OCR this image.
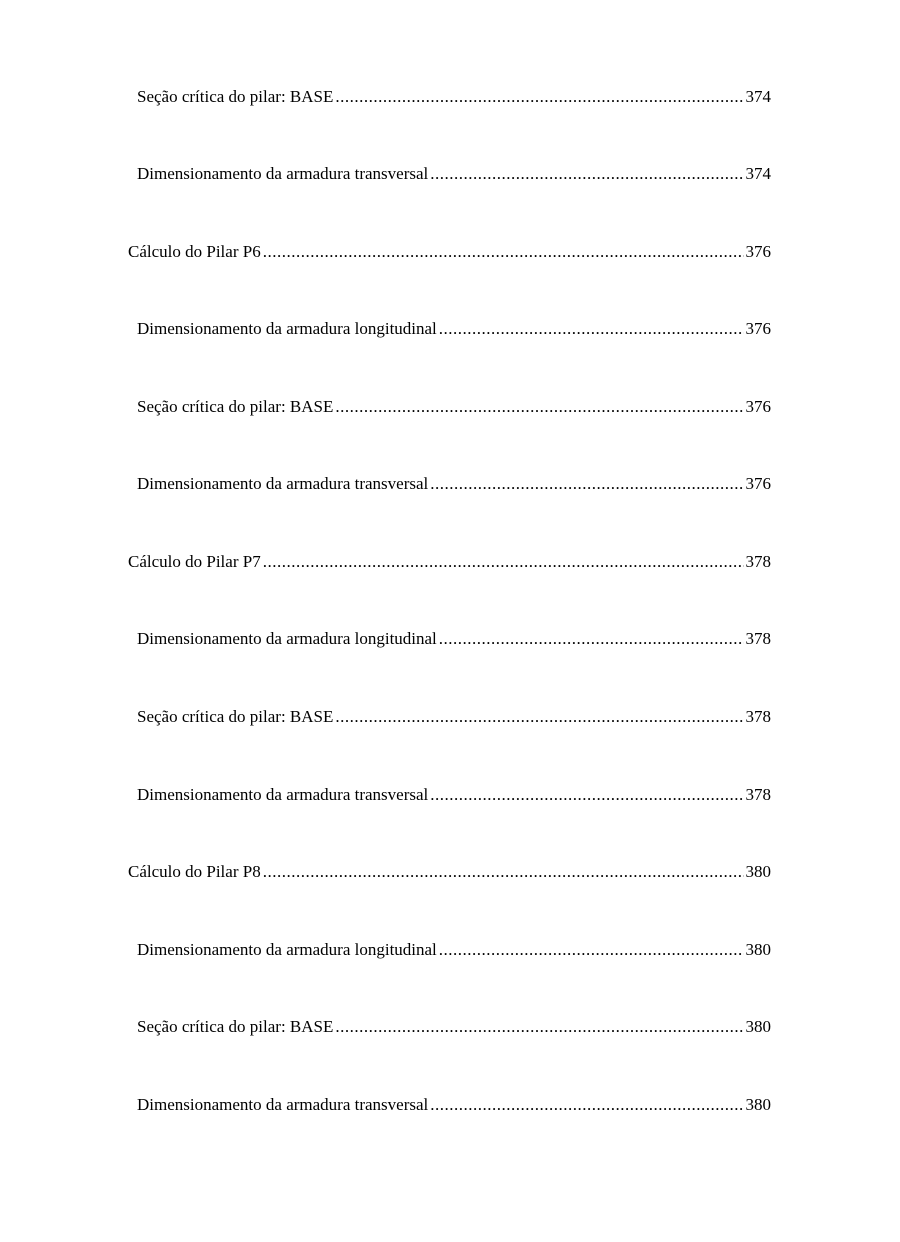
Seção crítica do pilar: BASE .....	374
Dimensionamento da armadura transversal .....	374
Cálculo do Pilar P6 .....	376
Dimensionamento da armadura longitudinal .....	376
Seção crítica do pilar: BASE .....	376
Dimensionamento da armadura transversal .....	376
Cálculo do Pilar P7 .....	378
Dimensionamento da armadura longitudinal .....	378
Seção crítica do pilar: BASE .....	378
Dimensionamento da armadura transversal .....	378
Cálculo do Pilar P8 .....	380
Dimensionamento da armadura longitudinal .....	380
Seção crítica do pilar: BASE .....	380
Dimensionamento da armadura transversal .....	380
